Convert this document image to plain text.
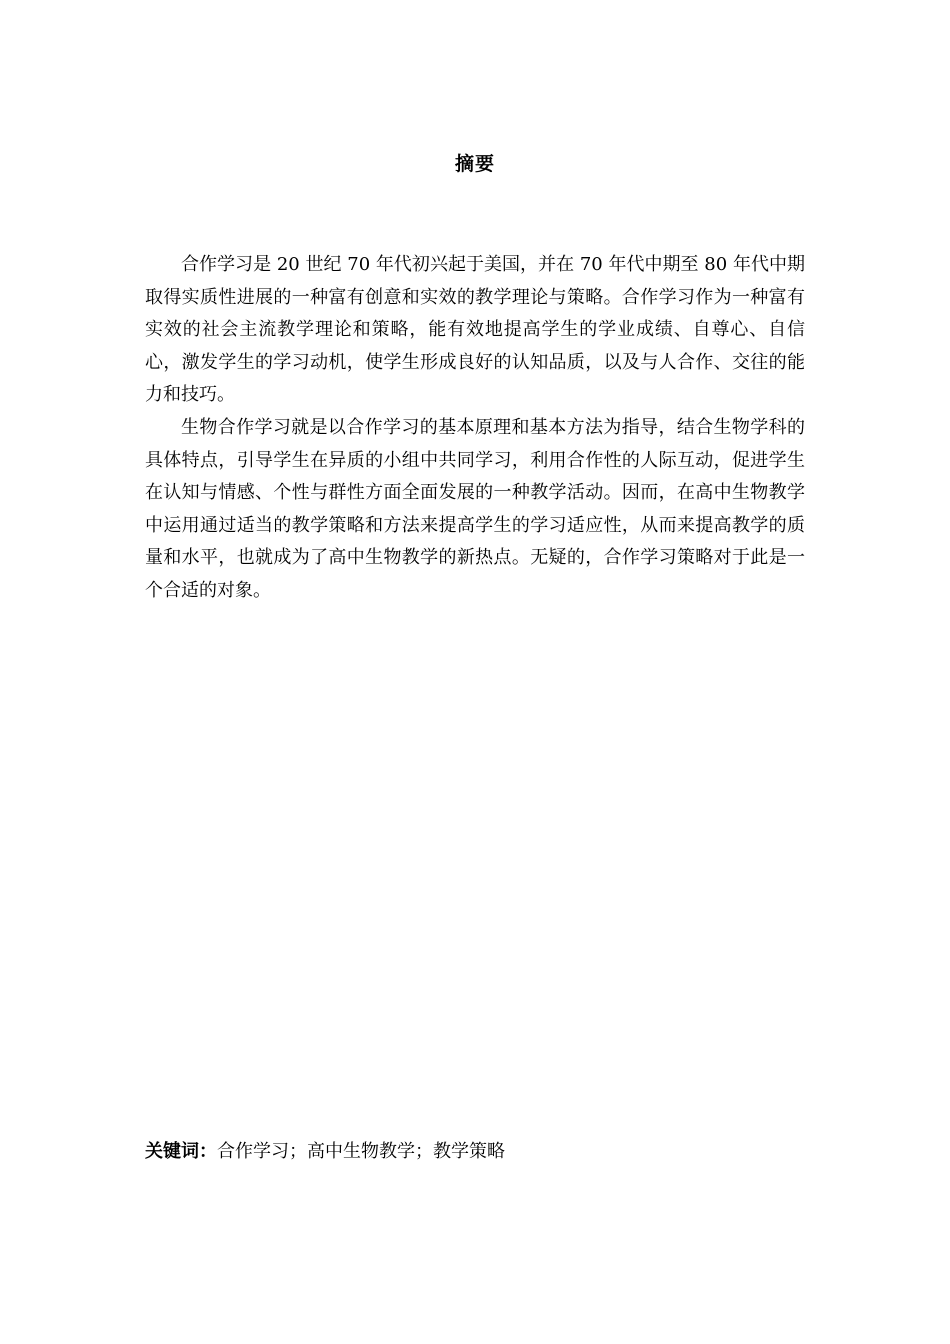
摘要

合作学习是 20 世纪 70 年代初兴起于美国，并在 70 年代中期至 80 年代中期取得实质性进展的一种富有创意和实效的教学理论与策略。合作学习作为一种富有实效的社会主流教学理论和策略，能有效地提高学生的学业成绩、自尊心、自信心，激发学生的学习动机，使学生形成良好的认知品质，以及与人合作、交往的能力和技巧。

生物合作学习就是以合作学习的基本原理和基本方法为指导，结合生物学科的具体特点，引导学生在异质的小组中共同学习，利用合作性的人际互动，促进学生在认知与情感、个性与群性方面全面发展的一种教学活动。因而，在高中生物教学中运用通过适当的教学策略和方法来提高学生的学习适应性，从而来提高教学的质量和水平，也就成为了高中生物教学的新热点。无疑的，合作学习策略对于此是一个合适的对象。

关键词：合作学习；高中生物教学；教学策略
